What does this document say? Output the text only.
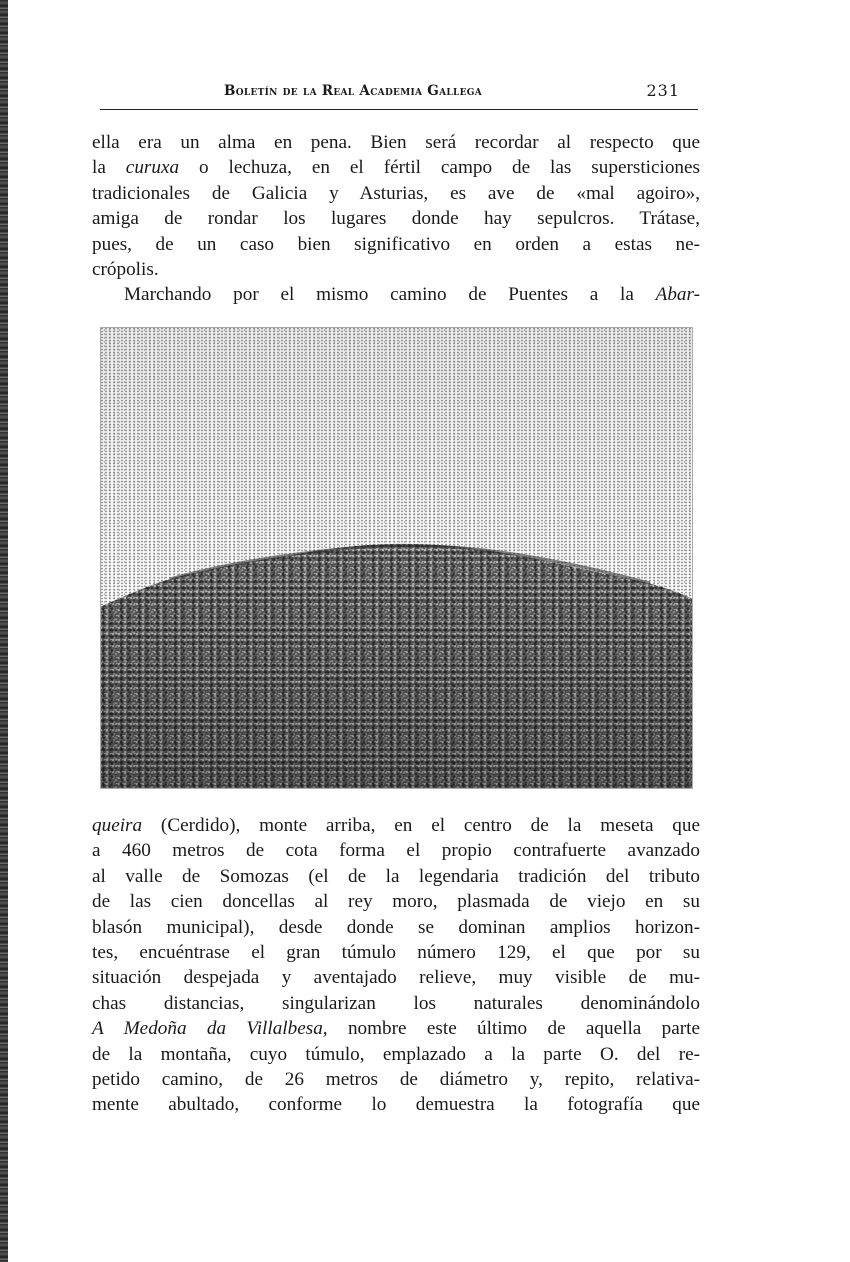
Boletín de la Real Academia Gallega	231

ella era un alma en pena. Bien será recordar al respecto que
la curuxa o lechuza, en el fértil campo de las supersticiones
tradicionales de Galicia y Asturias, es ave de «mal agoiro»,
amiga de rondar los lugares donde hay sepulcros. Trátase,
pues, de un caso bien significativo en orden a estas ne-
crópolis.

Marchando por el mismo camino de Puentes a la Abar-

queira (Cerdido), monte arriba, en el centro de la meseta que
a 460 metros de cota forma el propio contrafuerte avanzado
al valle de Somozas (el de la legendaria tradición del tributo
de las cien doncellas al rey moro, plasmada de viejo en su
blasón municipal), desde donde se dominan amplios horizon-
tes, encuéntrase el gran túmulo número 129, el que por su
situación despejada y aventajado relieve, muy visible de mu-
chas distancias, singularizan los naturales denominándolo
A Medoña da Villalbesa, nombre este último de aquella parte
de la montaña, cuyo túmulo, emplazado a la parte O. del re-
petido camino, de 26 metros de diámetro y, repito, relativa-
mente abultado, conforme lo demuestra la fotografía que
